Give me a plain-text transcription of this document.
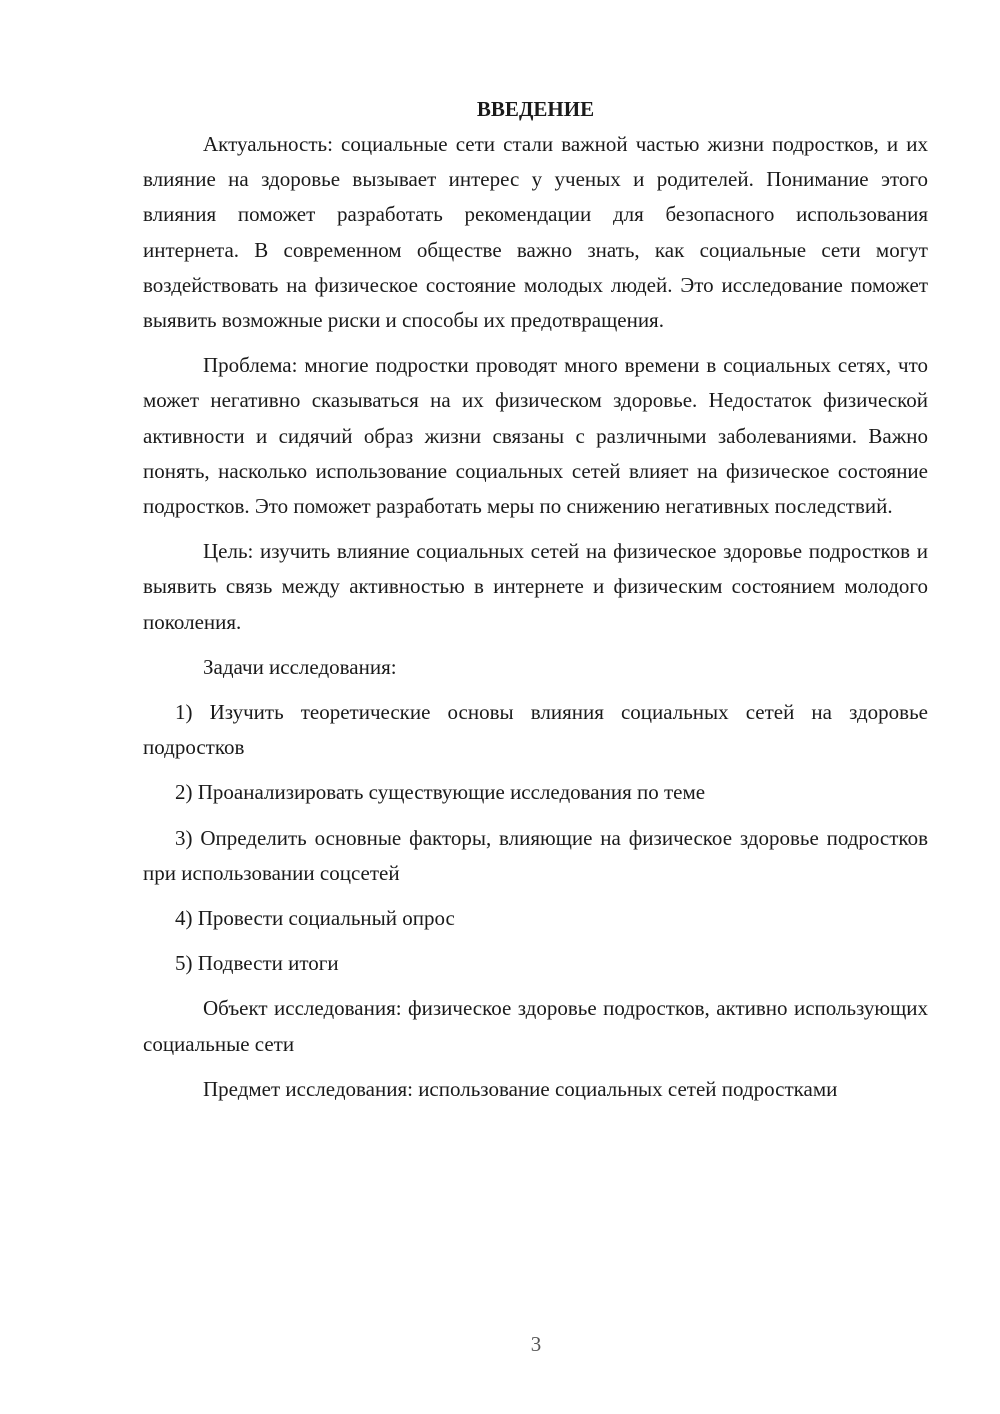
ВВЕДЕНИЕ

Актуальность: социальные сети стали важной частью жизни подростков, и их влияние на здоровье вызывает интерес у ученых и родителей. Понимание этого влияния поможет разработать рекомендации для безопасного использования интернета. В современном обществе важно знать, как социальные сети могут воздействовать на физическое состояние молодых людей. Это исследование поможет выявить возможные риски и способы их предотвращения.

Проблема: многие подростки проводят много времени в социальных сетях, что может негативно сказываться на их физическом здоровье. Недостаток физической активности и сидячий образ жизни связаны с различными заболеваниями. Важно понять, насколько использование социальных сетей влияет на физическое состояние подростков. Это поможет разработать меры по снижению негативных последствий.

Цель: изучить влияние социальных сетей на физическое здоровье подростков и выявить связь между активностью в интернете и физическим состоянием молодого поколения.

Задачи исследования:

1) Изучить теоретические основы влияния социальных сетей на здоровье подростков

2) Проанализировать существующие исследования по теме

3) Определить основные факторы, влияющие на физическое здоровье подростков при использовании соцсетей

4) Провести социальный опрос

5) Подвести итоги

Объект исследования: физическое здоровье подростков, активно использующих социальные сети

Предмет исследования: использование социальных сетей подростками

3
